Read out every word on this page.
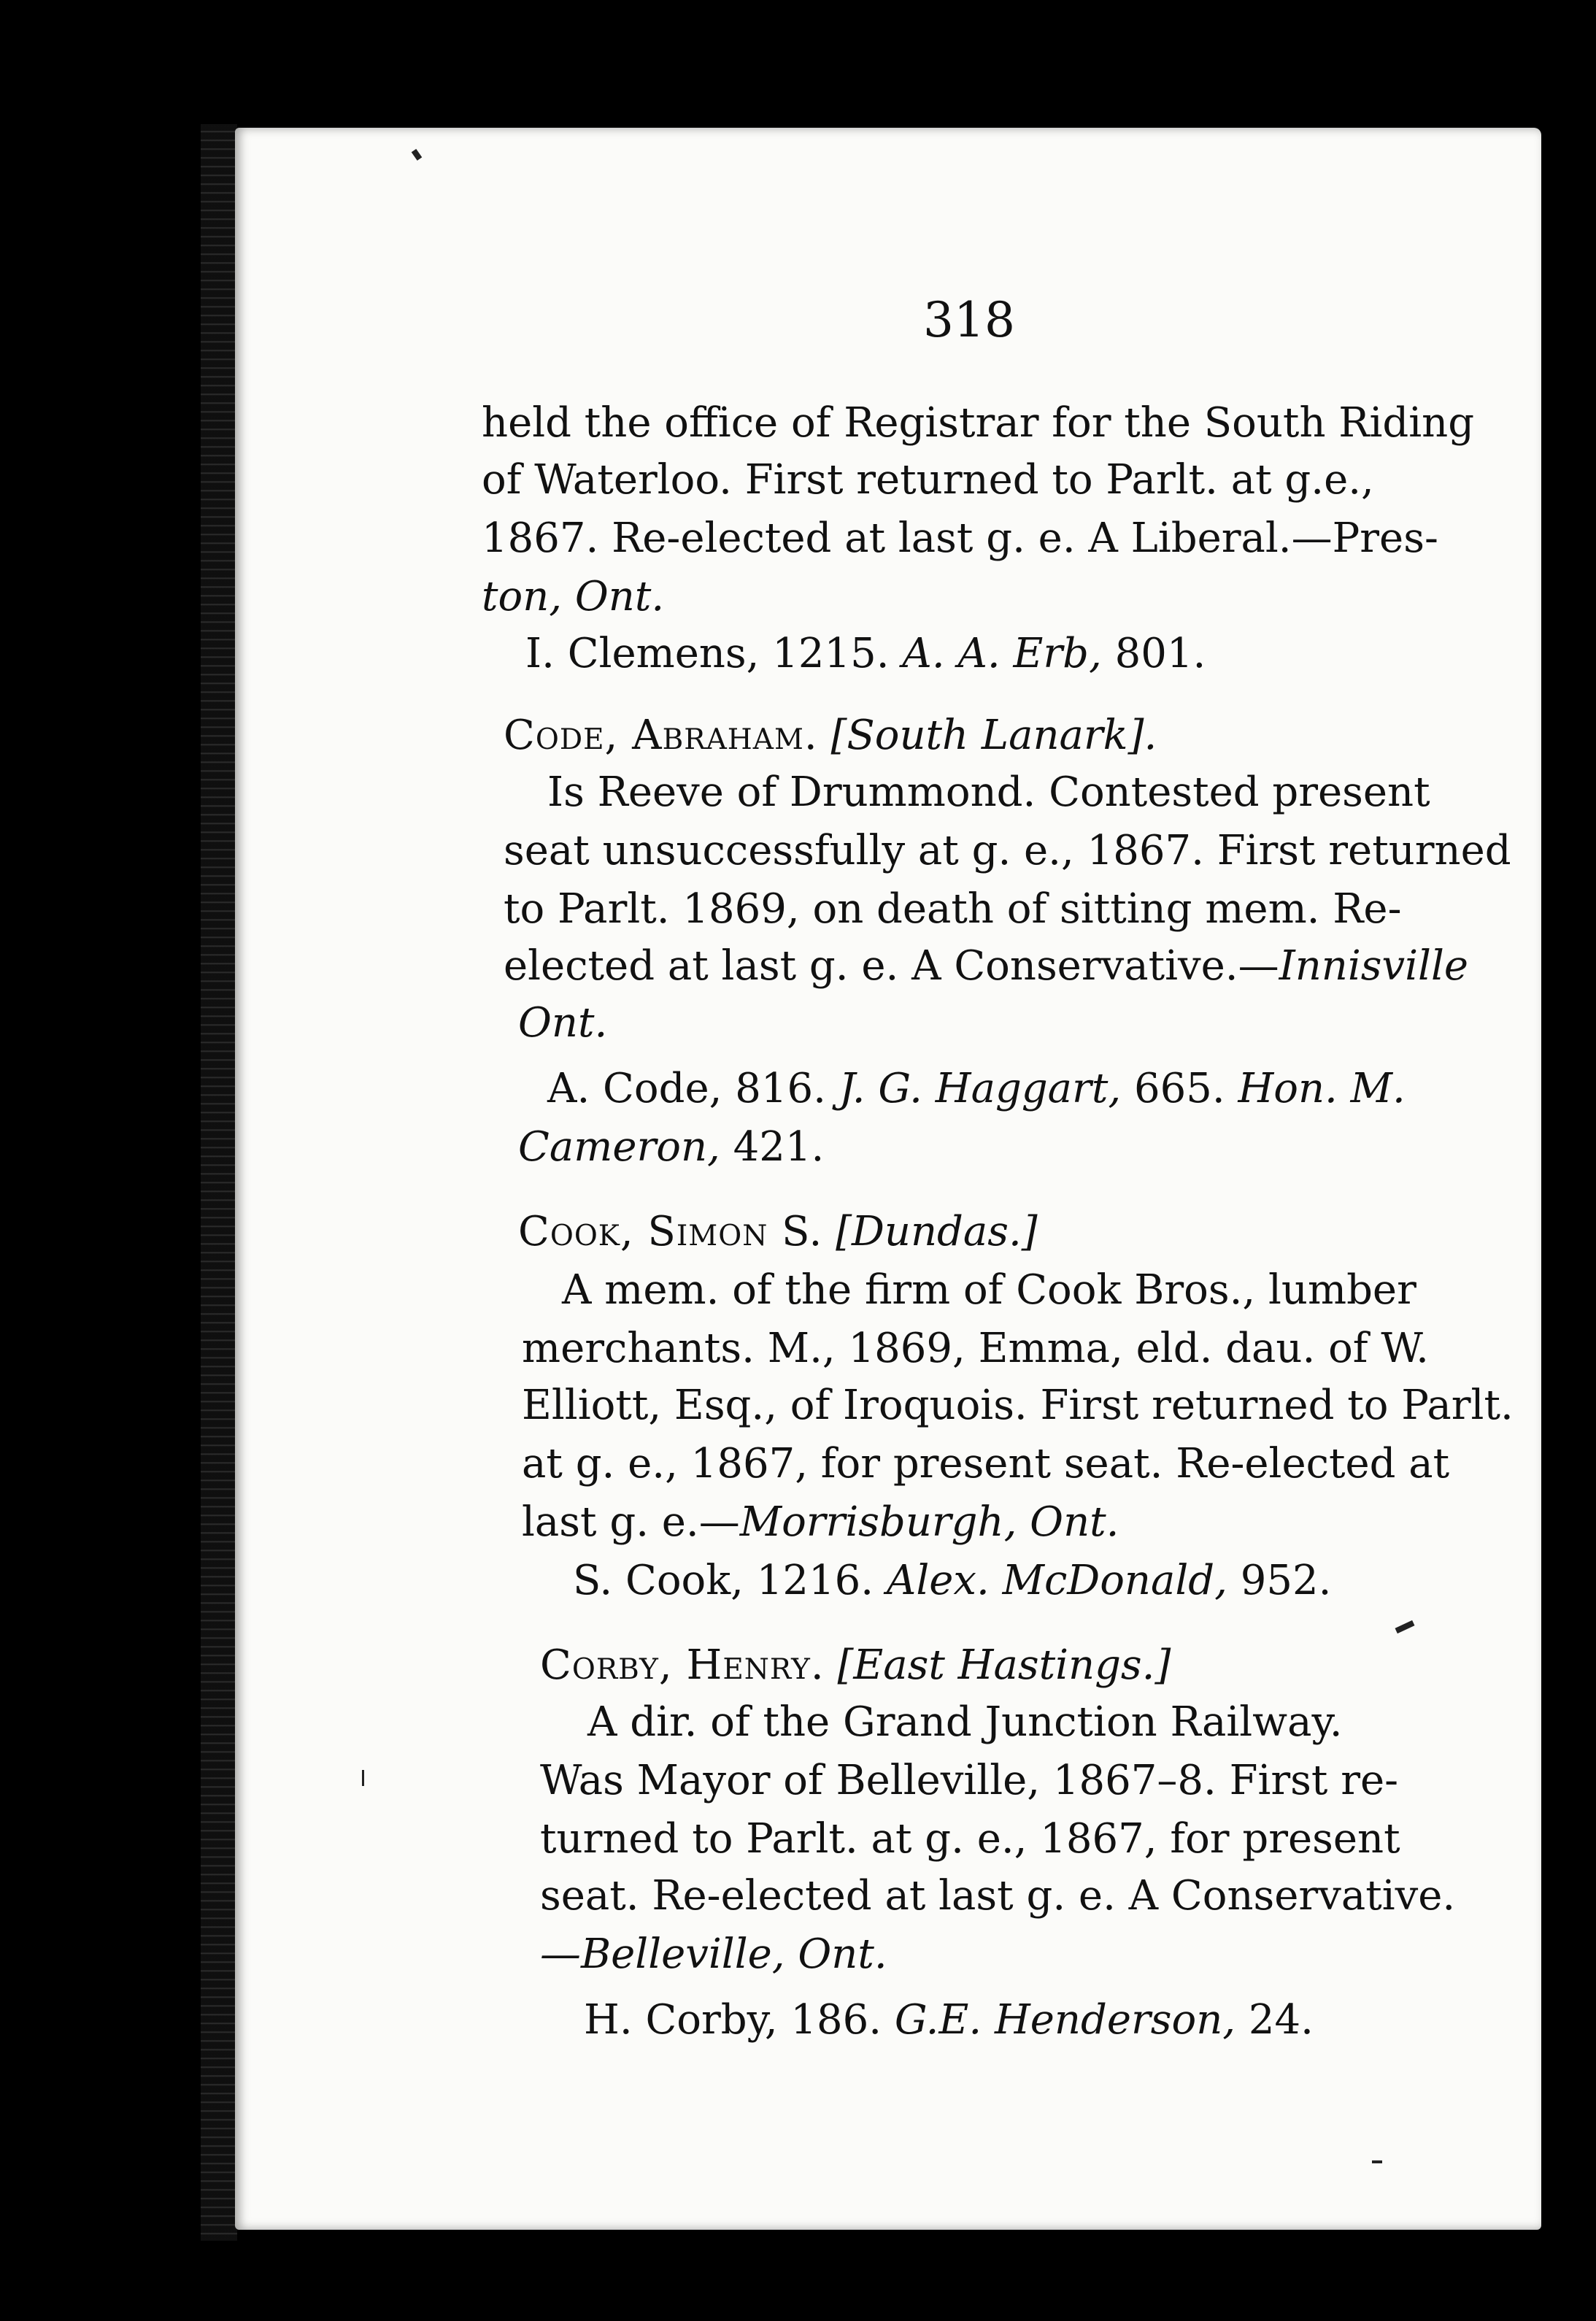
318
held the office of Registrar for the South Riding
of Waterloo. First returned to Parlt. at g.e.,
1867. Re-elected at last g. e. A Liberal.—Pres-
ton, Ont.
I. Clemens, 1215. A. A. Erb, 801.
Code, Abraham. [South Lanark].
Is Reeve of Drummond. Contested present
seat unsuccessfully at g. e., 1867. First returned
to Parlt. 1869, on death of sitting mem. Re-
elected at last g. e. A Conservative.—Innisville
Ont.
A. Code, 816. J. G. Haggart, 665. Hon. M.
Cameron, 421.
Cook, Simon S. [Dundas.]
A mem. of the firm of Cook Bros., lumber
merchants. M., 1869, Emma, eld. dau. of W.
Elliott, Esq., of Iroquois. First returned to Parlt.
at g. e., 1867, for present seat. Re-elected at
last g. e.—Morrisburgh, Ont.
S. Cook, 1216. Alex. McDonald, 952.
Corby, Henry. [East Hastings.]
A dir. of the Grand Junction Railway.
Was Mayor of Belleville, 1867–8. First re-
turned to Parlt. at g. e., 1867, for present
seat. Re-elected at last g. e. A Conservative.
—Belleville, Ont.
H. Corby, 186. G.E. Henderson, 24.
